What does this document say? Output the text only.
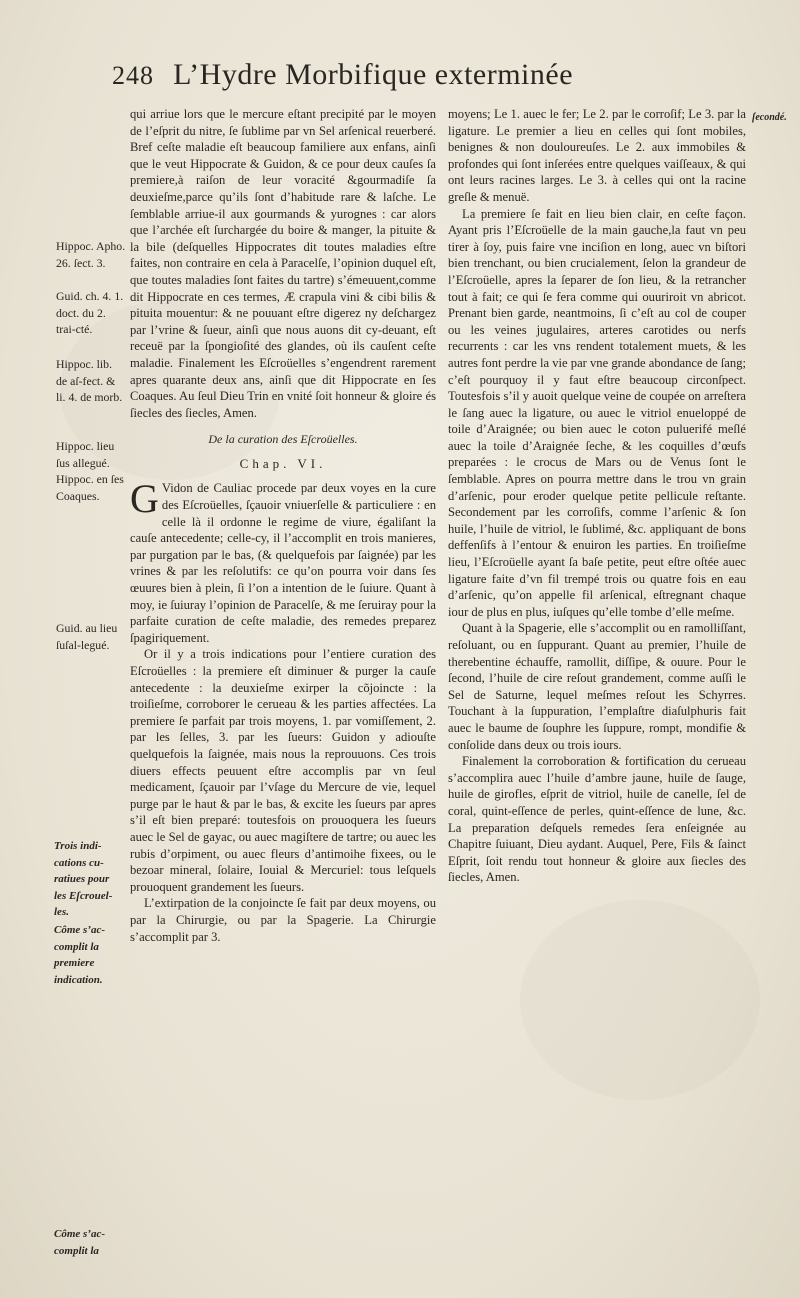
248 L’Hydre Morbifique exterminée
ſecondé.
Hippoc. Apho. 26. ſect. 3.
Guid. ch. 4. 1. doct. du 2. trai-cté.
Hippoc. lib. de aſ-fect. & li. 4. de morb.
Hippoc. lieu ſus allegué. Hippoc. en ſes Coaques.
Guid. au lieu ſuſal-legué.
Trois indi-cations cu-ratiues pour les Eſcrouel-les.
Côme s’ac-complit la premiere indication.
Côme s’ac-complit la

qui arriue lors que le mercure eſtant precipité par le moyen de l’eſprit du nitre, ſe ſublime par vn Sel arſenical reuerberé. Bref ceſte maladie eſt beaucoup familiere aux enfans, ainſi que le veut Hippocrate & Guidon, & ce pour deux cauſes ſa premiere,à raiſon de leur voracité &gourmadiſe ſa deuxieſme,parce qu’ils ſont d’habitude rare & laſche. Le ſemblable arriue-il aux gourmands & yurognes : car alors que l’archée eſt ſurchargée du boire & manger, la pituite & la bile (deſquelles Hippocrates dit toutes maladies eſtre faites, non contraire en cela à Paracelſe, l’opinion duquel eſt, que toutes maladies ſont faites du tartre) s’émeuuent,comme dit Hippocrate en ces termes, Æ crapula vini & cibi bilis & pituita mouentur: & ne pouuant eſtre digerez ny deſchargez par l’vrine & ſueur, ainſi que nous auons dit cy-deuant, eſt receuë par la ſpongioſité des glandes, où ils cauſent ceſte maladie. Finalement les Eſcroüelles s’engendrent rarement apres quarante deux ans, ainſi que dit Hippocrate en ſes Coaques. Au ſeul Dieu Trin en vnité ſoit honneur & gloire és ſiecles des ſiecles, Amen.

De la curation des Eſcroüelles.
Chap. VI.

G Vidon de Cauliac procede par deux voyes en la cure des Eſcroüelles, ſçauoir vniuerſelle & particuliere : en celle là il ordonne le regime de viure, égaliſant la cauſe antecedente; celle-cy, il l’accomplit en trois manieres, par purgation par le bas, (& quelquefois par ſaignée) par les vrines & par les reſolutifs: ce qu’on pourra voir dans ſes œuures bien à plein, ſi l’on a intention de le ſuiure. Quant à moy, ie ſuiuray l’opinion de Paracelſe, & me ſeruiray pour la parfaite curation de ceſte maladie, des remedes preparez ſpagiriquement.

Or il y a trois indications pour l’entiere curation des Eſcroüelles : la premiere eſt diminuer & purger la cauſe antecedente : la deuxieſme exirper la cõjoincte : la troiſieſme, corroborer le cerueau & les parties affectées. La premiere ſe parfait par trois moyens, 1. par vomiſſement, 2. par les ſelles, 3. par les ſueurs: Guidon y adiouſte quelquefois la ſaignée, mais nous la reprouuons. Ces trois diuers effects peuuent eſtre accomplis par vn ſeul medicament, ſçauoir par l’vſage du Mercure de vie, lequel purge par le haut & par le bas, & excite les ſueurs par apres s’il eſt bien preparé: toutesfois on prouoquera les ſueurs auec le Sel de gayac, ou auec magiſtere de tartre; ou auec les rubis d’orpiment, ou auec fleurs d’antimoihe fixees, ou le bezoar mineral, ſolaire, Iouial & Mercuriel: tous leſquels prouoquent grandement les ſueurs.

L’extirpation de la conjoincte ſe fait par deux moyens, ou par la Chirurgie, ou par la Spagerie. La Chirurgie s’accomplit par 3.

moyens; Le 1. auec le fer; Le 2. par le corroſif; Le 3. par la ligature. Le premier a lieu en celles qui ſont mobiles, benignes & non douloureuſes. Le 2. aux immobiles & profondes qui ſont inſerées entre quelques vaiſſeaux, & qui ont leurs racines larges. Le 3. à celles qui ont la racine greſle & menuë.

La premiere ſe fait en lieu bien clair, en ceſte façon. Ayant pris l’Eſcroüelle de la main gauche,la faut vn peu tirer à ſoy, puis faire vne inciſion en long, auec vn biſtori bien trenchant, ou bien crucialement, ſelon la grandeur de l’Eſcroüelle, apres la ſeparer de ſon lieu, & la retrancher tout à fait; ce qui ſe fera comme qui ouuriroit vn abricot. Prenant bien garde, neantmoins, ſi c’eſt au col de couper ou les veines jugulaires, arteres carotides ou nerfs recurrents : car les vns rendent totalement muets, & les autres font perdre la vie par vne grande abondance de ſang; c’eſt pourquoy il y faut eſtre beaucoup circonſpect. Toutesfois s’il y auoit quelque veine de coupée on arreſtera le ſang auec la ligature, ou auec le vitriol enueloppé de toile d’Araignée; ou bien auec le coton puluerifé meſlé auec la toile d’Araignée ſeche, & les coquilles d’œufs preparées : le crocus de Mars ou de Venus ſont le ſemblable. Apres on pourra mettre dans le trou vn grain d’arſenic, pour eroder quelque petite pellicule reſtante. Secondement par les corroſifs, comme l’arſenic & ſon huile, l’huile de vitriol, le ſublimé, &c. appliquant de bons deffenſifs à l’entour & enuiron les parties. En troiſieſme lieu, l’Eſcroüelle ayant ſa baſe petite, peut eſtre oſtée auec ligature faite d’vn fil trempé trois ou quatre fois en eau d’arſenic, qu’on appelle fil arſenical, eſtregnant chaque iour de plus en plus, iuſques qu’elle tombe d’elle meſme.

Quant à la Spagerie, elle s’accomplit ou en ramolliſſant, reſoluant, ou en ſuppurant. Quant au premier, l’huile de therebentine échauffe, ramollit, diſſipe, & ouure. Pour le ſecond, l’huile de cire reſout grandement, comme auſſi le Sel de Saturne, lequel meſmes reſout les Schyrres. Touchant à la ſuppuration, l’emplaſtre diaſulphuris fait auec le baume de ſouphre les ſuppure, rompt, mondifie & conſolide dans deux ou trois iours.

Finalement la corroboration & fortification du cerueau s’accomplira auec l’huile d’ambre jaune, huile de ſauge, huile de girofles, eſprit de vitriol, huile de canelle, ſel de coral, quint-eſſence de perles, quint-eſſence de lune, &c. La preparation deſquels remedes ſera enſeignée au Chapitre ſuiuant, Dieu aydant. Auquel, Pere, Fils & ſainct Eſprit, ſoit rendu tout honneur & gloire aux ſiecles des ſiecles, Amen.
